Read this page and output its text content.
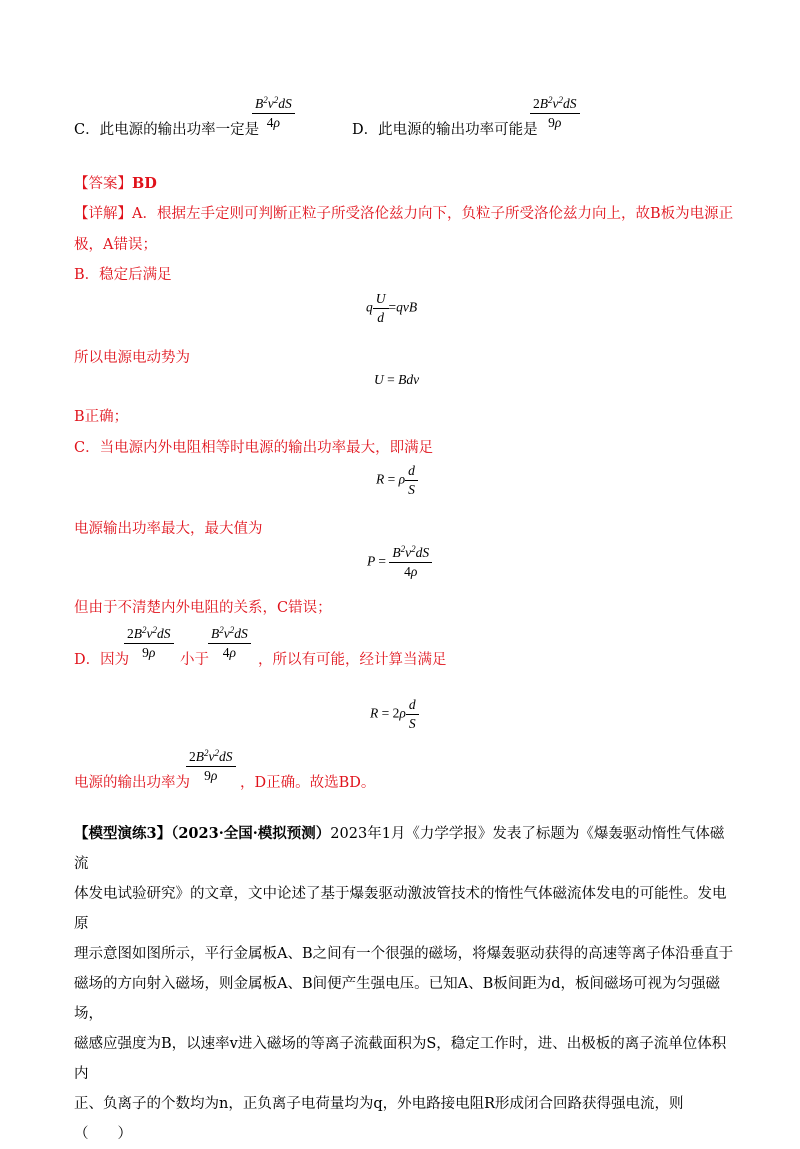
C．此电源的输出功率一定是
$\frac{B^2v^2dS}{4\rho}$	D．此电源的输出功率可能是
$\frac{2B^2v^2dS}{9\rho}$
【答案】BD
【详解】A．根据左手定则可判断正粒子所受洛伦兹力向下，负粒子所受洛伦兹力向上，故B板为电源正
极，A错误；
B．稳定后满足
q $\frac{U}{d} =qvB$
所以电源电动势为
U = Bdv
B正确；
C．当电源内外电阻相等时电源的输出功率最大，即满足
R = ρ $\frac{d}{S}$
电源输出功率最大，最大值为
$P = \frac{B^2v^2dS}{4\rho}$
但由于不清楚内外电阻的关系，C错误；
D．因为
$\frac{2B^2v^2dS}{9\rho}$ 小于 $\frac{B^2v^2dS}{4\rho}$ ，所以有可能，经计算当满足
$R = 2\rho \frac{d}{S}$
电源的输出功率为
$\frac{2B^2v^2dS}{9\rho}$ ，D正确。故选BD。
【模型演练3】（2023·全国·模拟预测）2023年1月《力学学报》发表了标题为《爆轰驱动惰性气体磁流
体发电试验研究》的文章，文中论述了基于爆轰驱动激波管技术的惰性气体磁流体发电的可能性。发电原
理示意图如图所示，平行金属板A、B之间有一个很强的磁场，将爆轰驱动获得的高速等离子体沿垂直于
磁场的方向射入磁场，则金属板A、B间便产生强电压。已知A、B板间距为d，板间磁场可视为匀强磁场，
磁感应强度为B，以速率v进入磁场的等离子流截面积为S，稳定工作时，进、出极板的离子流单位体积内
正、负离子的个数均为n，正负离子电荷量均为q，外电路接电阻R形成闭合回路获得强电流，则（　　）
